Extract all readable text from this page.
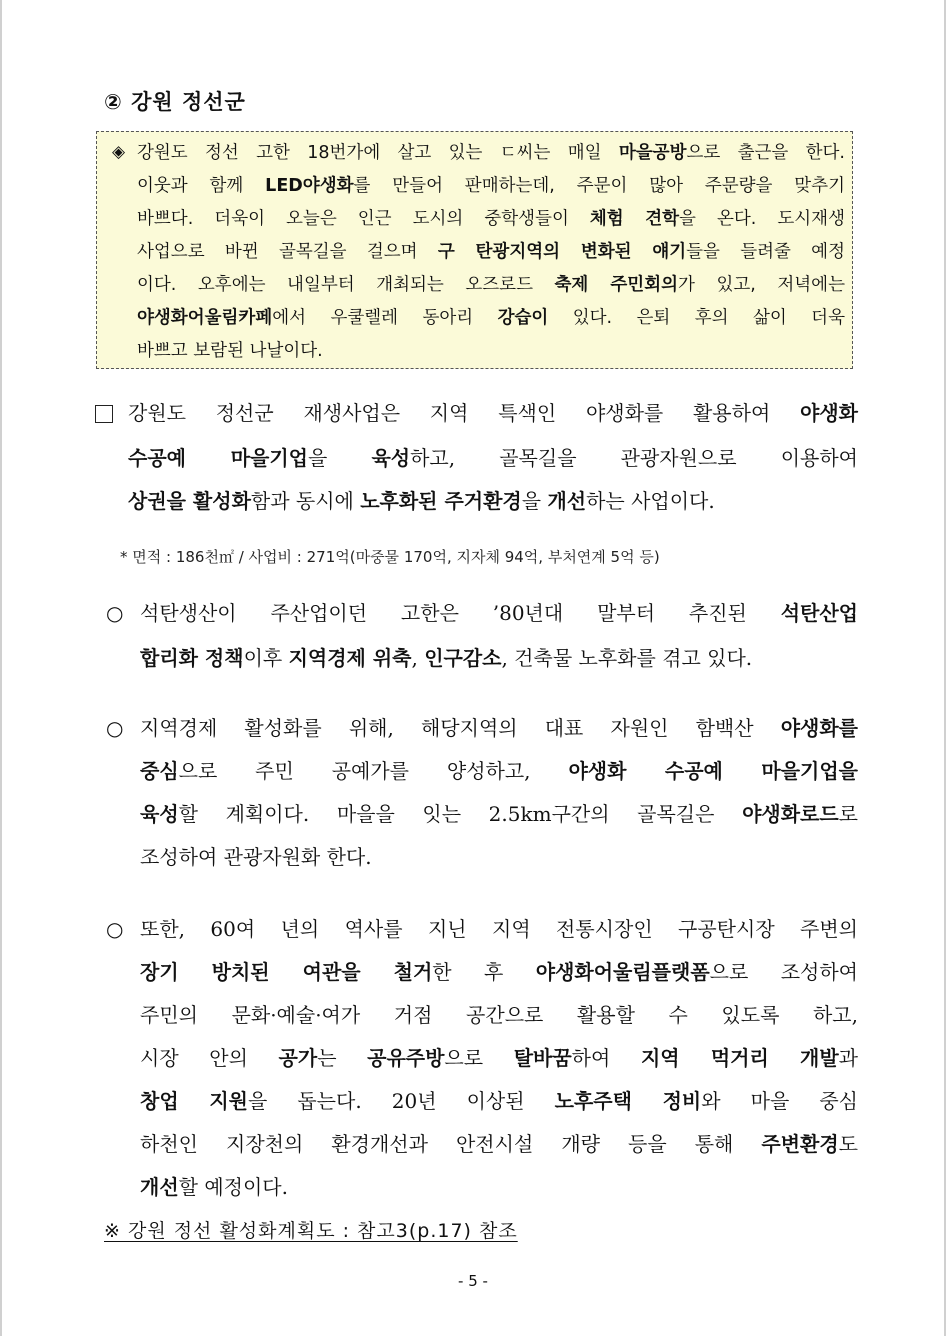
② 강원 정선군
◈ 강원도 정선 고한 18번가에 살고 있는 ㄷ씨는 매일 마을공방으로 출근을 한다.
이웃과 함께 LED야생화를 만들어 판매하는데, 주문이 많아 주문량을 맞추기
바쁘다. 더욱이 오늘은 인근 도시의 중학생들이 체험 견학을 온다. 도시재생
사업으로 바뀐 골목길을 걸으며 구 탄광지역의 변화된 얘기들을 들려줄 예정
이다. 오후에는 내일부터 개최되는 오즈로드 축제 주민회의가 있고, 저녁에는
야생화어울림카페에서 우쿨렐레 동아리 강습이 있다. 은퇴 후의 삶이 더욱
바쁘고 보람된 나날이다.
강원도 정선군 재생사업은 지역 특색인 야생화를 활용하여 야생화
수공예 마을기업을 육성하고, 골목길을 관광자원으로 이용하여
상권을 활성화함과 동시에 노후화된 주거환경을 개선하는 사업이다.
* 면적 : 186천㎡ / 사업비 : 271억(마중물 170억, 지자체 94억, 부처연계 5억 등)
○ 석탄생산이 주산업이던 고한은 ’80년대 말부터 추진된 석탄산업
합리화 정책이후 지역경제 위축, 인구감소, 건축물 노후화를 겪고 있다.
○ 지역경제 활성화를 위해, 해당지역의 대표 자원인 함백산 야생화를
중심으로 주민 공예가를 양성하고, 야생화 수공예 마을기업을
육성할 계획이다. 마을을 잇는 2.5km구간의 골목길은 야생화로드로
조성하여 관광자원화 한다.
○ 또한, 60여 년의 역사를 지닌 지역 전통시장인 구공탄시장 주변의
장기 방치된 여관을 철거한 후 야생화어울림플랫폼으로 조성하여
주민의 문화·예술·여가 거점 공간으로 활용할 수 있도록 하고,
시장 안의 공가는 공유주방으로 탈바꿈하여 지역 먹거리 개발과
창업 지원을 돕는다. 20년 이상된 노후주택 정비와 마을 중심
하천인 지장천의 환경개선과 안전시설 개량 등을 통해 주변환경도
개선할 예정이다.
※ 강원 정선 활성화계획도 : 참고3(p.17) 참조
- 5 -
